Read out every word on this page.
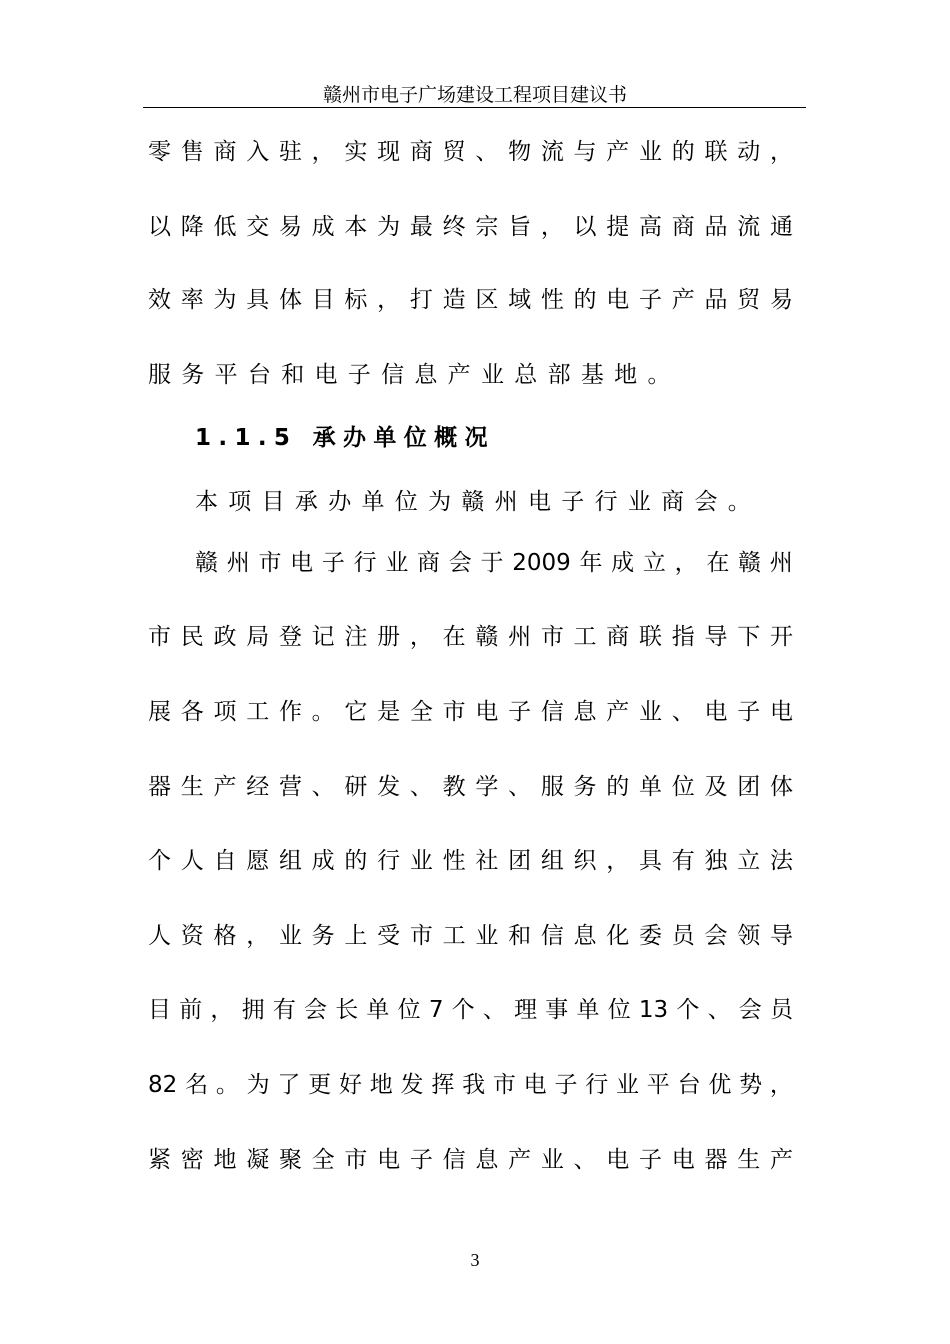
赣州市电子广场建设工程项目建议书
零 售 商 入 驻 ， 实 现 商 贸 、 物 流 与 产 业 的 联 动 ，
以 降 低 交 易 成 本 为 最 终 宗 旨 ， 以 提 高 商 品 流 通
效 率 为 具 体 目 标 ， 打 造 区 域 性 的 电 子 产 品 贸 易
服 务 平 台 和 电 子 信 息 产 业 总 部 基 地 。
1.1.5 承办单位概况
本 项 目 承 办 单 位 为 赣 州 电 子 行 业 商 会 。
赣 州 市 电 子 行 业 商 会 于 2009 年 成 立 ， 在 赣 州
市 民 政 局 登 记 注 册 ， 在 赣 州 市 工 商 联 指 导 下 开
展 各 项 工 作 。 它 是 全 市 电 子 信 息 产 业 、 电 子 电
器 生 产 经 营 、 研 发 、 教 学 、 服 务 的 单 位 及 团 体
个 人 自 愿 组 成 的 行 业 性 社 团 组 织 ， 具 有 独 立 法
人 资 格 ， 业 务 上 受 市 工 业 和 信 息 化 委 员 会 领 导
目 前 ， 拥 有 会 长 单 位 7 个 、 理 事 单 位 13 个 、 会 员
82 名 。 为 了 更 好 地 发 挥 我 市 电 子 行 业 平 台 优 势 ，
紧 密 地 凝 聚 全 市 电 子 信 息 产 业 、 电 子 电 器 生 产
3
